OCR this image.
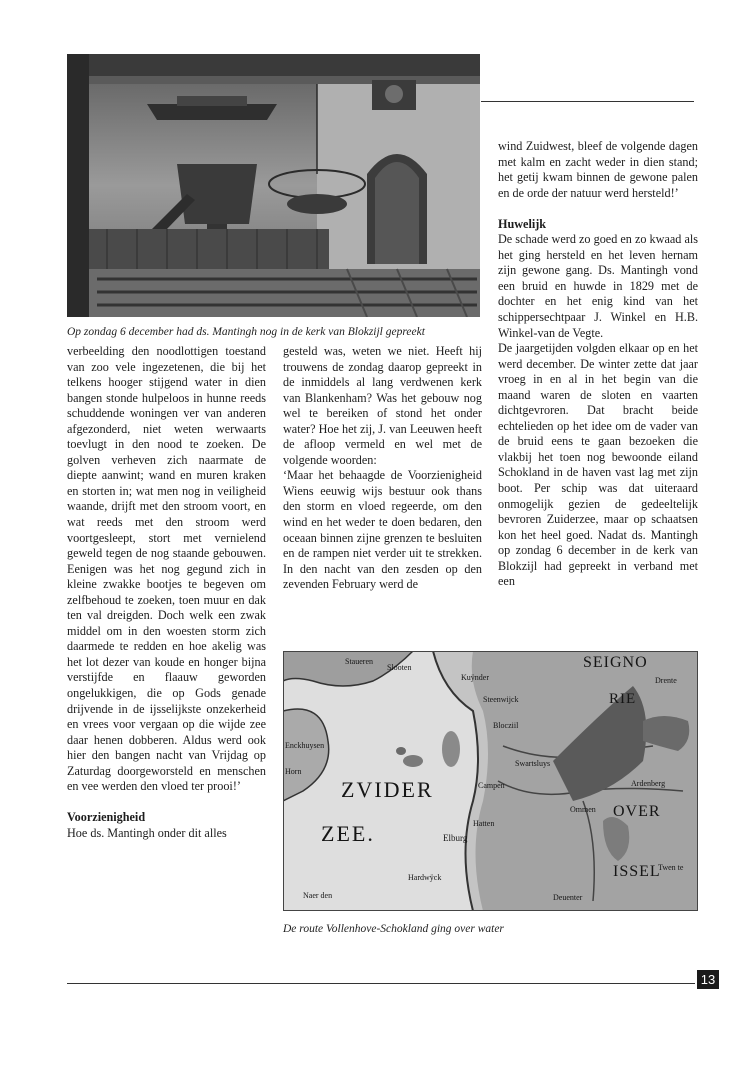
Op zondag 6 december had ds. Mantingh nog in de kerk van Blokzijl gepreekt

verbeelding den noodlottigen toestand van zoo vele ingezetenen, die bij het telkens hooger stijgend water in dien bangen stonde hulpeloos in hunne reeds schuddende woningen ver van anderen afgezonderd, niet weten werwaarts toevlugt in den nood te zoeken. De golven verheven zich naarmate de diepte aanwint; wand en muren kraken en storten in; wat men nog in veiligheid waande, drijft met den stroom voort, en wat reeds met den stroom werd voortgesleept, stort met vernielend geweld tegen de nog staande gebouwen. Eenigen was het nog gegund zich in kleine zwakke bootjes te begeven om zelfbehoud te zoeken, toen muur en dak ten val dreigden. Doch welk een zwak middel om in den woesten storm zich daarmede te redden en hoe akelig was het lot dezer van koude en honger bijna verstijfde en flaauw geworden ongelukkigen, die op Gods genade drijvende in de ijsselijkste onzekerheid en vrees voor vergaan op die wijde zee daar henen dobberen. Aldus werd ook hier den bangen nacht van Vrijdag op Zaturdag doorgeworsteld en menschen en vee werden den vloed ter prooi!’

Voorzienigheid

Hoe ds. Mantingh onder dit alles

gesteld was, weten we niet. Heeft hij trouwens de zondag daarop gepreekt in de inmiddels al lang verdwenen kerk van Blankenham? Was het gebouw nog wel te bereiken of stond het onder water? Hoe het zij, J. van Leeuwen heeft de afloop vermeld en wel met de volgende woorden:

‘Maar het behaagde de Voorzienigheid Wiens eeuwig wijs bestuur ook thans den storm en vloed regeerde, om den wind en het weder te doen bedaren, den oceaan binnen zijne grenzen te besluiten en de rampen niet verder uit te strekken. In den nacht van den zesden op den zevenden February werd de

wind Zuidwest, bleef de volgende dagen met kalm en zacht weder in dien stand; het getij kwam binnen de gewone palen en de orde der natuur werd hersteld!’

Huwelijk

De schade werd zo goed en zo kwaad als het ging hersteld en het leven hernam zijn gewone gang. Ds. Mantingh vond een bruid en huwde in 1829 met de dochter en het enig kind van het schippersechtpaar J. Winkel en H.B. Winkel-van de Vegte.

De jaargetijden volgden elkaar op en het werd december. De winter zette dat jaar vroeg in en al in het begin van die maand waren de sloten en vaarten dichtgevroren. Dat bracht beide echtelieden op het idee om de vader van de bruid eens te gaan bezoeken die vlakbij het toen nog bewoonde eiland Schokland in de haven vast lag met zijn boot. Per schip was dat uiteraard onmogelijk gezien de gedeeltelijk bevroren Zuiderzee, maar op schaatsen kon het heel goed. Nadat ds. Mantingh op zondag 6 december in de kerk van Blokzijl had gepreekt in verband met een

ZVIDER
ZEE.
SEIGNO
RIE
OVER
ISSEL
Staueren
Slooten
Kuÿnder
Steenwijck
Blocziil
Swartsluys
Campen
Elburg
Hatten
Hardwÿck
Enckhuysen
Horn
Drente
Ardenberg
Ommen
Deuenter
Twen te
Naer den
De route Vollenhove-Schokland ging over water
13
